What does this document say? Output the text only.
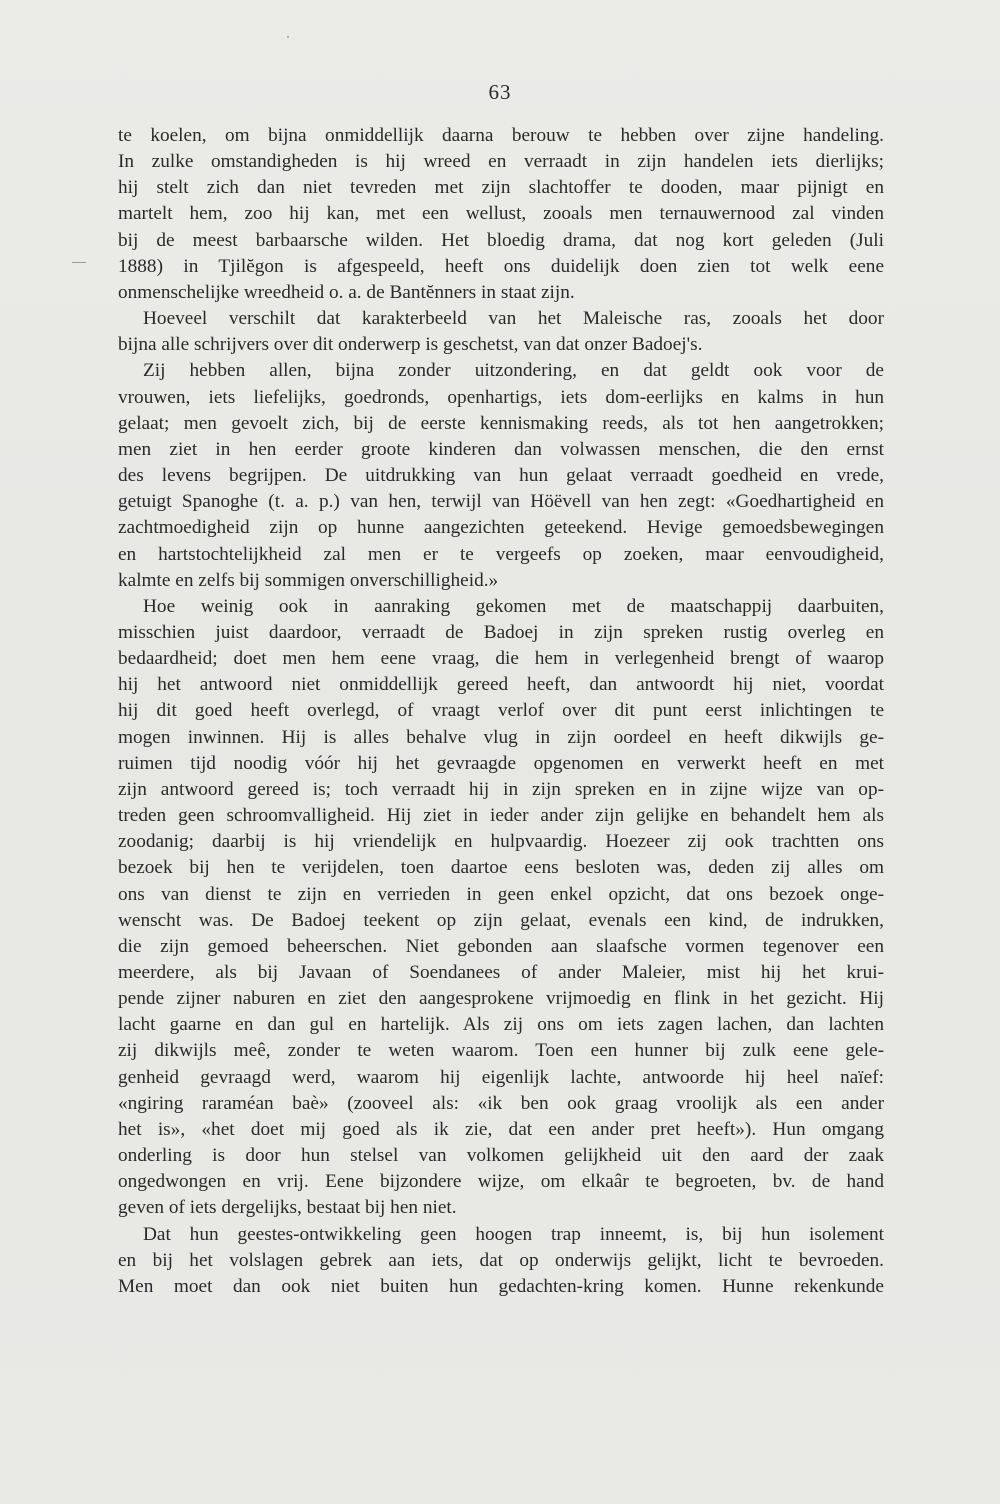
63
te koelen, om bijna onmiddellijk daarna berouw te hebben over zijne handeling.
In zulke omstandigheden is hij wreed en verraadt in zijn handelen iets dierlijks;
hij stelt zich dan niet tevreden met zijn slachtoffer te dooden, maar pijnigt en
martelt hem, zoo hij kan, met een wellust, zooals men ternauwernood zal vinden
bij de meest barbaarsche wilden. Het bloedig drama, dat nog kort geleden (Juli
1888) in Tjilĕgon is afgespeeld, heeft ons duidelijk doen zien tot welk eene
onmenschelijke wreedheid o. a. de Bantĕnners in staat zijn.
Hoeveel verschilt dat karakterbeeld van het Maleische ras, zooals het door
bijna alle schrijvers over dit onderwerp is geschetst, van dat onzer Badoej's.
Zij hebben allen, bijna zonder uitzondering, en dat geldt ook voor de
vrouwen, iets liefelijks, goedronds, openhartigs, iets dom-eerlijks en kalms in hun
gelaat; men gevoelt zich, bij de eerste kennismaking reeds, als tot hen aangetrokken;
men ziet in hen eerder groote kinderen dan volwassen menschen, die den ernst
des levens begrijpen. De uitdrukking van hun gelaat verraadt goedheid en vrede,
getuigt Spanoghe (t. a. p.) van hen, terwijl van Höëvell van hen zegt: «Goedhartigheid en
zachtmoedigheid zijn op hunne aangezichten geteekend. Hevige gemoedsbewegingen
en hartstochtelijkheid zal men er te vergeefs op zoeken, maar eenvoudigheid,
kalmte en zelfs bij sommigen onverschilligheid.»
Hoe weinig ook in aanraking gekomen met de maatschappij daarbuiten,
misschien juist daardoor, verraadt de Badoej in zijn spreken rustig overleg en
bedaardheid; doet men hem eene vraag, die hem in verlegenheid brengt of waarop
hij het antwoord niet onmiddellijk gereed heeft, dan antwoordt hij niet, voordat
hij dit goed heeft overlegd, of vraagt verlof over dit punt eerst inlichtingen te
mogen inwinnen. Hij is alles behalve vlug in zijn oordeel en heeft dikwijls ge-
ruimen tijd noodig vóór hij het gevraagde opgenomen en verwerkt heeft en met
zijn antwoord gereed is; toch verraadt hij in zijn spreken en in zijne wijze van op-
treden geen schroomvalligheid. Hij ziet in ieder ander zijn gelijke en behandelt hem als
zoodanig; daarbij is hij vriendelijk en hulpvaardig. Hoezeer zij ook trachtten ons
bezoek bij hen te verijdelen, toen daartoe eens besloten was, deden zij alles om
ons van dienst te zijn en verrieden in geen enkel opzicht, dat ons bezoek onge-
wenscht was. De Badoej teekent op zijn gelaat, evenals een kind, de indrukken,
die zijn gemoed beheerschen. Niet gebonden aan slaafsche vormen tegenover een
meerdere, als bij Javaan of Soendanees of ander Maleier, mist hij het krui-
pende zijner naburen en ziet den aangesprokene vrijmoedig en flink in het gezicht. Hij
lacht gaarne en dan gul en hartelijk. Als zij ons om iets zagen lachen, dan lachten
zij dikwijls meê, zonder te weten waarom. Toen een hunner bij zulk eene gele-
genheid gevraagd werd, waarom hij eigenlijk lachte, antwoorde hij heel naïef:
«ngiring raraméan baè» (zooveel als: «ik ben ook graag vroolijk als een ander
het is», «het doet mij goed als ik zie, dat een ander pret heeft»). Hun omgang
onderling is door hun stelsel van volkomen gelijkheid uit den aard der zaak
ongedwongen en vrij. Eene bijzondere wijze, om elkaâr te begroeten, bv. de hand
geven of iets dergelijks, bestaat bij hen niet.
Dat hun geestes-ontwikkeling geen hoogen trap inneemt, is, bij hun isolement
en bij het volslagen gebrek aan iets, dat op onderwijs gelijkt, licht te bevroeden.
Men moet dan ook niet buiten hun gedachten-kring komen. Hunne rekenkunde
